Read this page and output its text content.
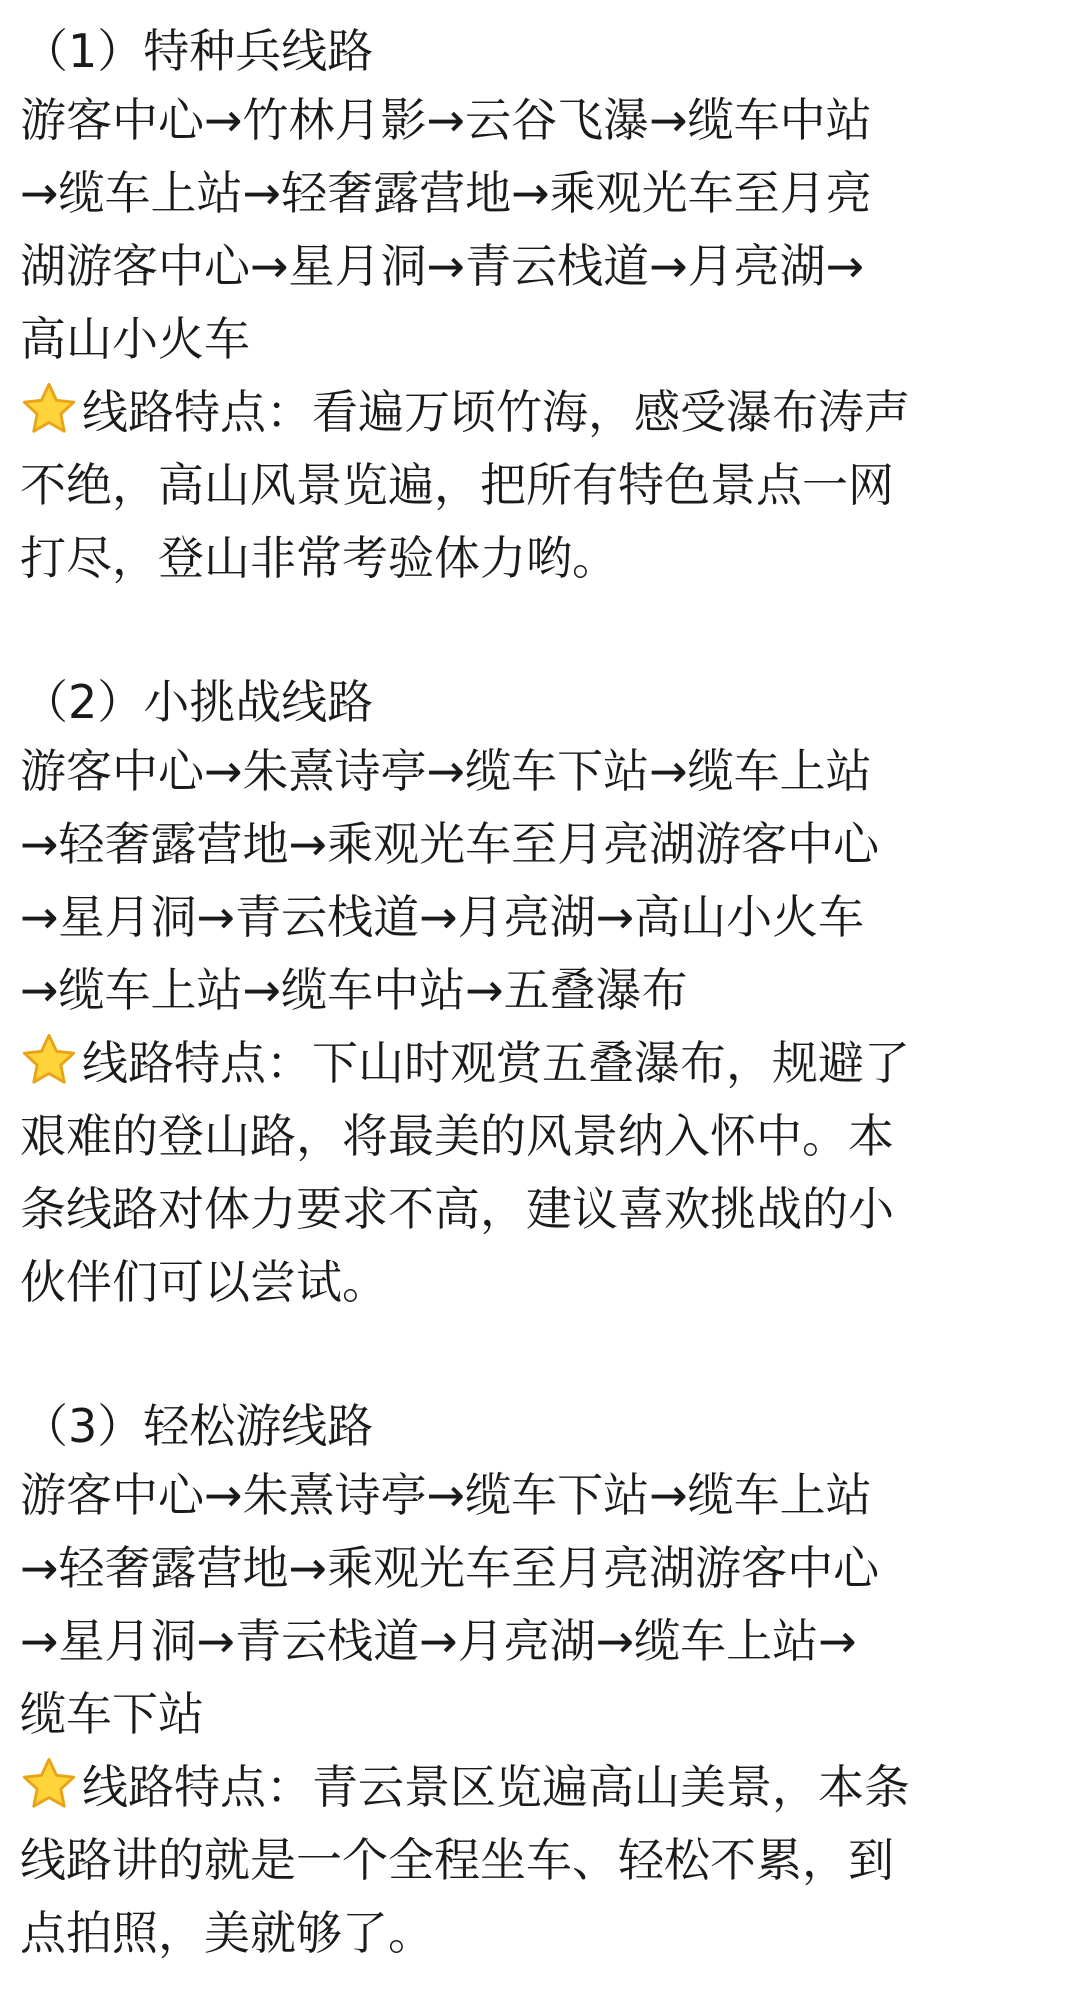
（1）特种兵线路
游客中心→竹林月影→云谷飞瀑→缆车中站
→缆车上站→轻奢露营地→乘观光车至月亮
湖游客中心→星月洞→青云栈道→月亮湖→
高山小火车
线路特点：看遍万顷竹海，感受瀑布涛声
不绝，高山风景览遍，把所有特色景点一网
打尽，登山非常考验体力哟。
（2）小挑战线路
游客中心→朱熹诗亭→缆车下站→缆车上站
→轻奢露营地→乘观光车至月亮湖游客中心
→星月洞→青云栈道→月亮湖→高山小火车
→缆车上站→缆车中站→五叠瀑布
线路特点：下山时观赏五叠瀑布，规避了
艰难的登山路，将最美的风景纳入怀中。本
条线路对体力要求不高，建议喜欢挑战的小
伙伴们可以尝试。
（3）轻松游线路
游客中心→朱熹诗亭→缆车下站→缆车上站
→轻奢露营地→乘观光车至月亮湖游客中心
→星月洞→青云栈道→月亮湖→缆车上站→
缆车下站
线路特点：青云景区览遍高山美景，本条
线路讲的就是一个全程坐车、轻松不累，到
点拍照，美就够了。
